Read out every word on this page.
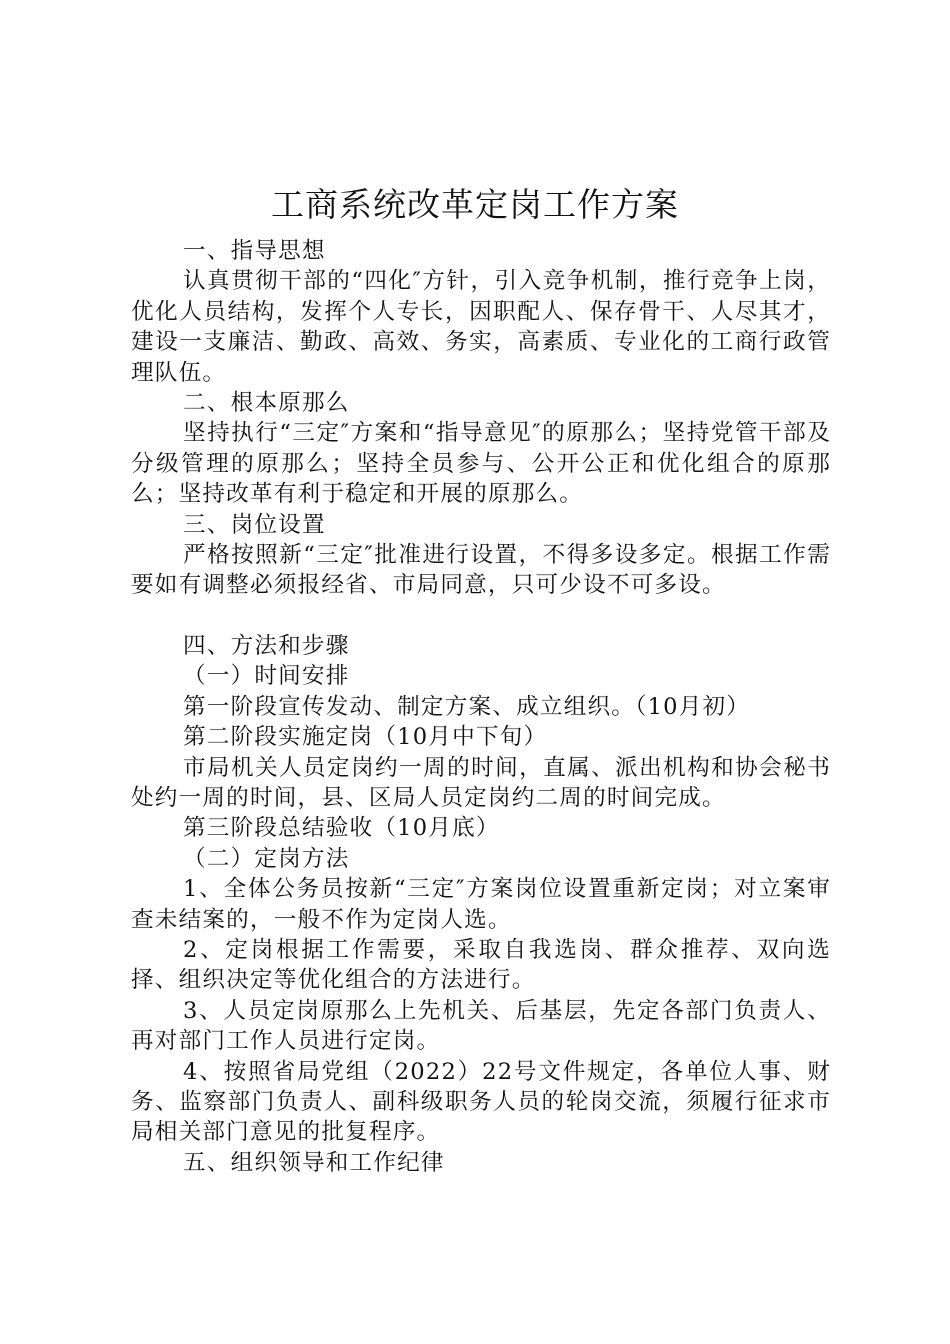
工商系统改革定岗工作方案

一、指导思想

认真贯彻干部的“四化″方针，引入竞争机制，推行竞争上岗，优化人员结构，发挥个人专长，因职配人、保存骨干、人尽其才，建设一支廉洁、勤政、高效、务实，高素质、专业化的工商行政管理队伍。

二、根本原那么

坚持执行“三定″方案和“指导意见″的原那么；坚持党管干部及分级管理的原那么；坚持全员参与、公开公正和优化组合的原那么；坚持改革有利于稳定和开展的原那么。

三、岗位设置

严格按照新“三定″批准进行设置，不得多设多定。根据工作需要如有调整必须报经省、市局同意，只可少设不可多设。

四、方法和步骤

（一）时间安排

第一阶段宣传发动、制定方案、成立组织。（10月初）

第二阶段实施定岗（10月中下旬）

市局机关人员定岗约一周的时间，直属、派出机构和协会秘书处约一周的时间，县、区局人员定岗约二周的时间完成。

第三阶段总结验收（10月底）

（二）定岗方法

1、全体公务员按新“三定″方案岗位设置重新定岗；对立案审查未结案的，一般不作为定岗人选。

2、定岗根据工作需要，采取自我选岗、群众推荐、双向选择、组织决定等优化组合的方法进行。

3、人员定岗原那么上先机关、后基层，先定各部门负责人、再对部门工作人员进行定岗。

4、按照省局党组（2022）22号文件规定，各单位人事、财务、监察部门负责人、副科级职务人员的轮岗交流，须履行征求市局相关部门意见的批复程序。

五、组织领导和工作纪律
